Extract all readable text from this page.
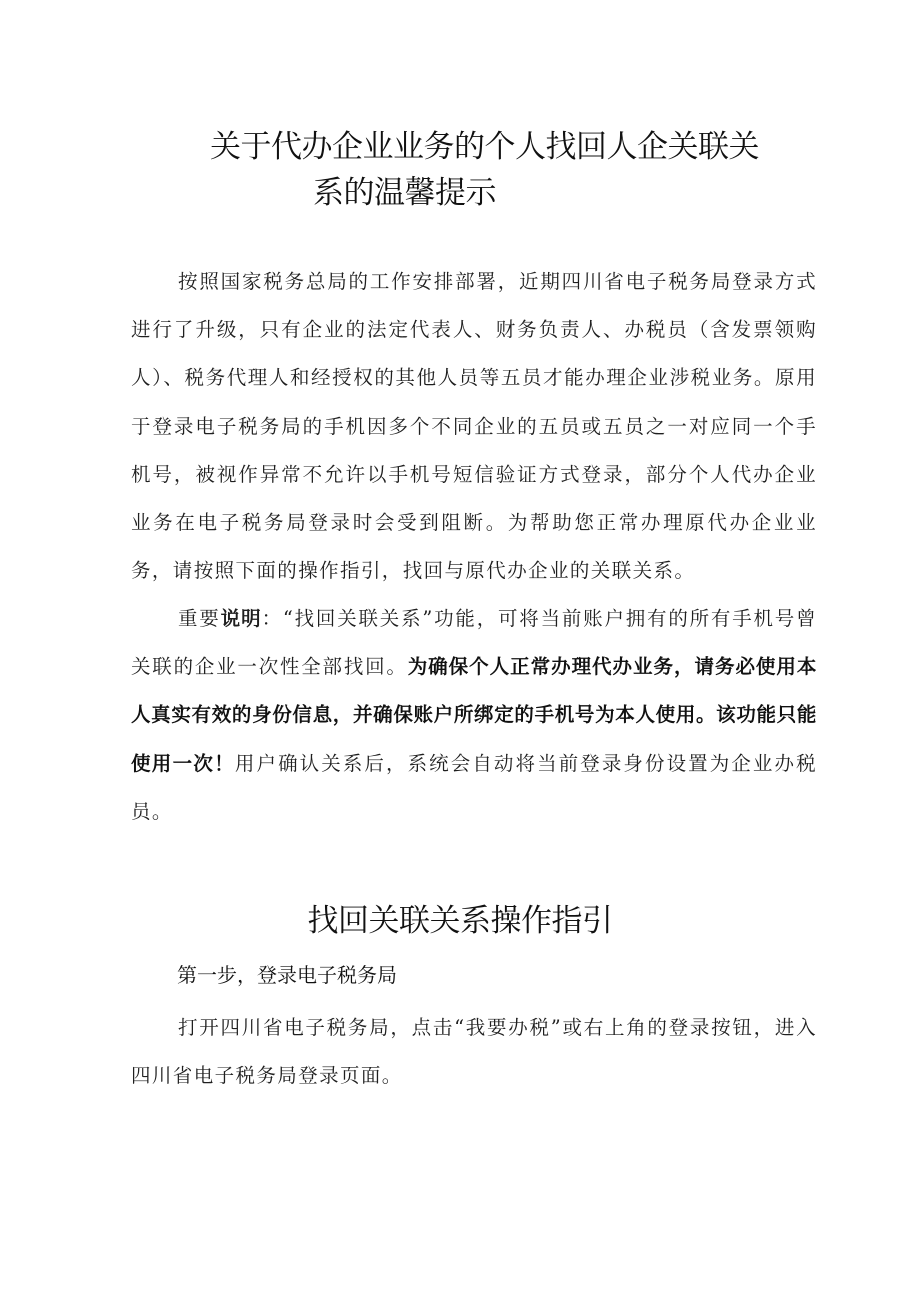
关于代办企业业务的个人找回人企关联关
系的温馨提示

按照国家税务总局的工作安排部署，近期四川省电子税务局登录方式进行了升级，只有企业的法定代表人、财务负责人、办税员（含发票领购人）、税务代理人和经授权的其他人员等五员才能办理企业涉税业务。原用于登录电子税务局的手机因多个不同企业的五员或五员之一对应同一个手机号，被视作异常不允许以手机号短信验证方式登录，部分个人代办企业业务在电子税务局登录时会受到阻断。为帮助您正常办理原代办企业业务，请按照下面的操作指引，找回与原代办企业的关联关系。

重要说明：“找回关联关系”功能，可将当前账户拥有的所有手机号曾关联的企业一次性全部找回。为确保个人正常办理代办业务，请务必使用本人真实有效的身份信息，并确保账户所绑定的手机号为本人使用。该功能只能使用一次！用户确认关系后，系统会自动将当前登录身份设置为企业办税员。

找回关联关系操作指引
第一步，登录电子税务局

打开四川省电子税务局，点击“我要办税”或右上角的登录按钮，进入四川省电子税务局登录页面。
